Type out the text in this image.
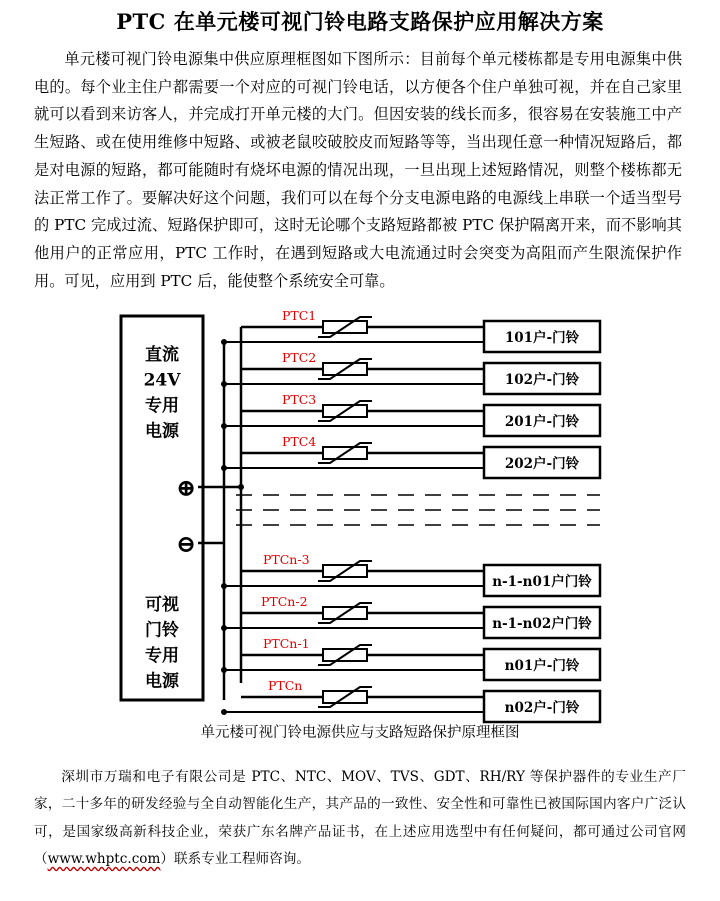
PTC 在单元楼可视门铃电路支路保护应用解决方案

单元楼可视门铃电源集中供应原理框图如下图所示：目前每个单元楼栋都是专用电源集中供电的。每个业主住户都需要一个对应的可视门铃电话，以方便各个住户单独可视，并在自己家里就可以看到来访客人，并完成打开单元楼的大门。但因安装的线长而多，很容易在安装施工中产生短路、或在使用维修中短路、或被老鼠咬破胶皮而短路等等，当出现任意一种情况短路后，都是对电源的短路，都可能随时有烧坏电源的情况出现，一旦出现上述短路情况，则整个楼栋都无法正常工作了。要解决好这个问题，我们可以在每个分支电源电路的电源线上串联一个适当型号的 PTC 完成过流、短路保护即可，这时无论哪个支路短路都被 PTC 保护隔离开来，而不影响其他用户的正常应用，PTC 工作时，在遇到短路或大电流通过时会突变为高阻而产生限流保护作用。可见，应用到 PTC 后，能使整个系统安全可靠。

直流
24V
专用
电源
可视
门铃
专用
电源
⊕
⊖
PTC1
101户-门铃
PTC2
102户-门铃
PTC3
201户-门铃
PTC4
202户-门铃
PTCn-3
n-1-n01户门铃
PTCn-2
n-1-n02户门铃
PTCn-1
n01户-门铃
PTCn
n02户-门铃
单元楼可视门铃电源供应与支路短路保护原理框图

深圳市万瑞和电子有限公司是 PTC、NTC、MOV、TVS、GDT、RH/RY 等保护器件的专业生产厂家，二十多年的研发经验与全自动智能化生产，其产品的一致性、安全性和可靠性已被国际国内客户广泛认可，是国家级高新科技企业，荣获广东名牌产品证书，在上述应用选型中有任何疑问，都可通过公司官网（www.whptc.com）联系专业工程师咨询。
